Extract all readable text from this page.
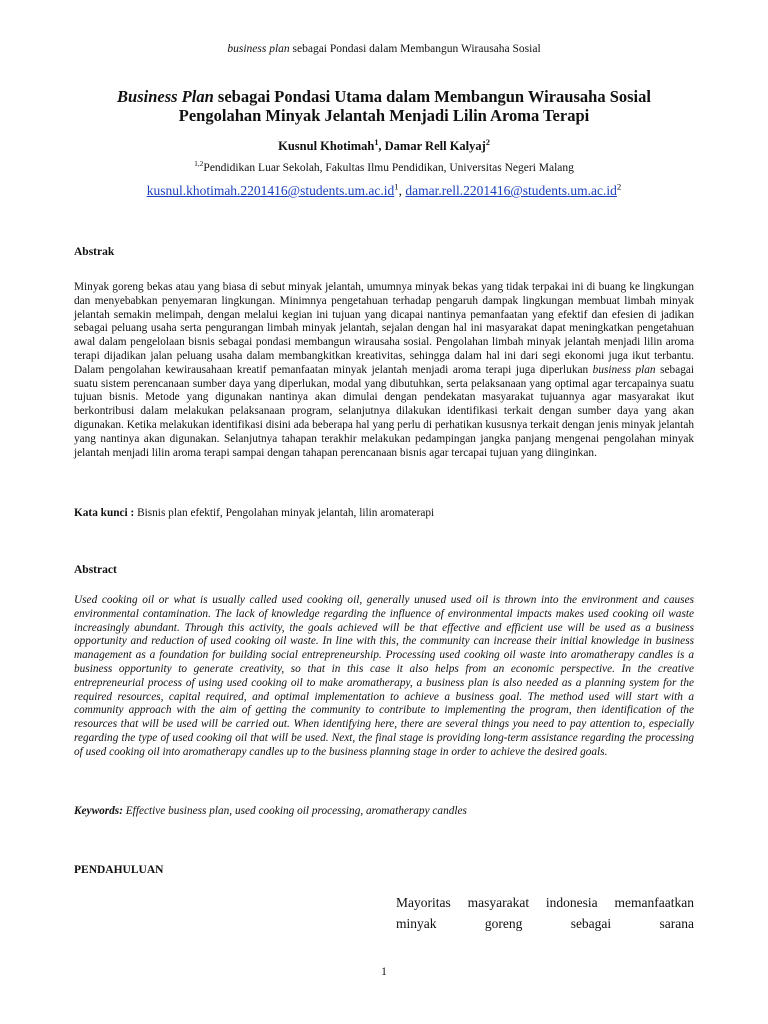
business plan sebagai Pondasi dalam Membangun Wirausaha Sosial
Business Plan sebagai Pondasi Utama dalam Membangun Wirausaha Sosial
Pengolahan Minyak Jelantah Menjadi Lilin Aroma Terapi
Kusnul Khotimah$^1$, Damar Rell Kalyaj$^2$
$^{1,2}$Pendidikan Luar Sekolah, Fakultas Ilmu Pendidikan, Universitas Negeri Malang
$kusnul.khotimah.2201416@students.um.ac.id^1$, $damar.rell.2201416@students.um.ac.id^2$
Abstrak
Minyak goreng bekas atau yang biasa di sebut minyak jelantah, umumnya minyak bekas yang tidak terpakai ini di buang ke lingkungan dan menyebabkan penyemaran lingkungan. Minimnya pengetahuan terhadap pengaruh dampak lingkungan membuat limbah minyak jelantah semakin melimpah, dengan melalui kegian ini tujuan yang dicapai nantinya pemanfaatan yang efektif dan efesien di jadikan sebagai peluang usaha serta pengurangan limbah minyak jelantah, sejalan dengan hal ini masyarakat dapat meningkatkan pengetahuan awal dalam pengelolaan bisnis sebagai pondasi membangun wirausaha sosial. Pengolahan limbah minyak jelantah menjadi lilin aroma terapi dijadikan jalan peluang usaha dalam membangkitkan kreativitas, sehingga dalam hal ini dari segi ekonomi juga ikut terbantu. Dalam pengolahan kewirausahaan kreatif pemanfaatan minyak jelantah menjadi aroma terapi juga diperlukan business plan sebagai suatu sistem perencanaan sumber daya yang diperlukan, modal yang dibutuhkan, serta pelaksanaan yang optimal agar tercapainya suatu tujuan bisnis. Metode yang digunakan nantinya akan dimulai dengan pendekatan masyarakat tujuannya agar masyarakat ikut berkontribusi dalam melakukan pelaksanaan program, selanjutnya dilakukan identifikasi terkait dengan sumber daya yang akan digunakan. Ketika melakukan identifikasi disini ada beberapa hal yang perlu di perhatikan kususnya terkait dengan jenis minyak jelantah yang nantinya akan digunakan. Selanjutnya tahapan terakhir melakukan pedampingan jangka panjang mengenai pengolahan minyak jelantah menjadi lilin aroma terapi sampai dengan tahapan perencanaan bisnis agar tercapai tujuan yang diinginkan.
Kata kunci : Bisnis plan efektif, Pengolahan minyak jelantah, lilin aromaterapi
Abstract
Used cooking oil or what is usually called used cooking oil, generally unused used oil is thrown into the environment and causes environmental contamination. The lack of knowledge regarding the influence of environmental impacts makes used cooking oil waste increasingly abundant. Through this activity, the goals achieved will be that effective and efficient use will be used as a business opportunity and reduction of used cooking oil waste. In line with this, the community can increase their initial knowledge in business management as a foundation for building social entrepreneurship. Processing used cooking oil waste into aromatherapy candles is a business opportunity to generate creativity, so that in this case it also helps from an economic perspective. In the creative entrepreneurial process of using used cooking oil to make aromatherapy, a business plan is also needed as a planning system for the required resources, capital required, and optimal implementation to achieve a business goal. The method used will start with a community approach with the aim of getting the community to contribute to implementing the program, then identification of the resources that will be used will be carried out. When identifying here, there are several things you need to pay attention to, especially regarding the type of used cooking oil that will be used. Next, the final stage is providing long-term assistance regarding the processing of used cooking oil into aromatherapy candles up to the business planning stage in order to achieve the desired goals.
Keywords: Effective business plan, used cooking oil processing, aromatherapy candles
PENDAHULUAN
Mayoritas masyarakat indonesia memanfaatkan minyak goreng sebagai sarana
1
